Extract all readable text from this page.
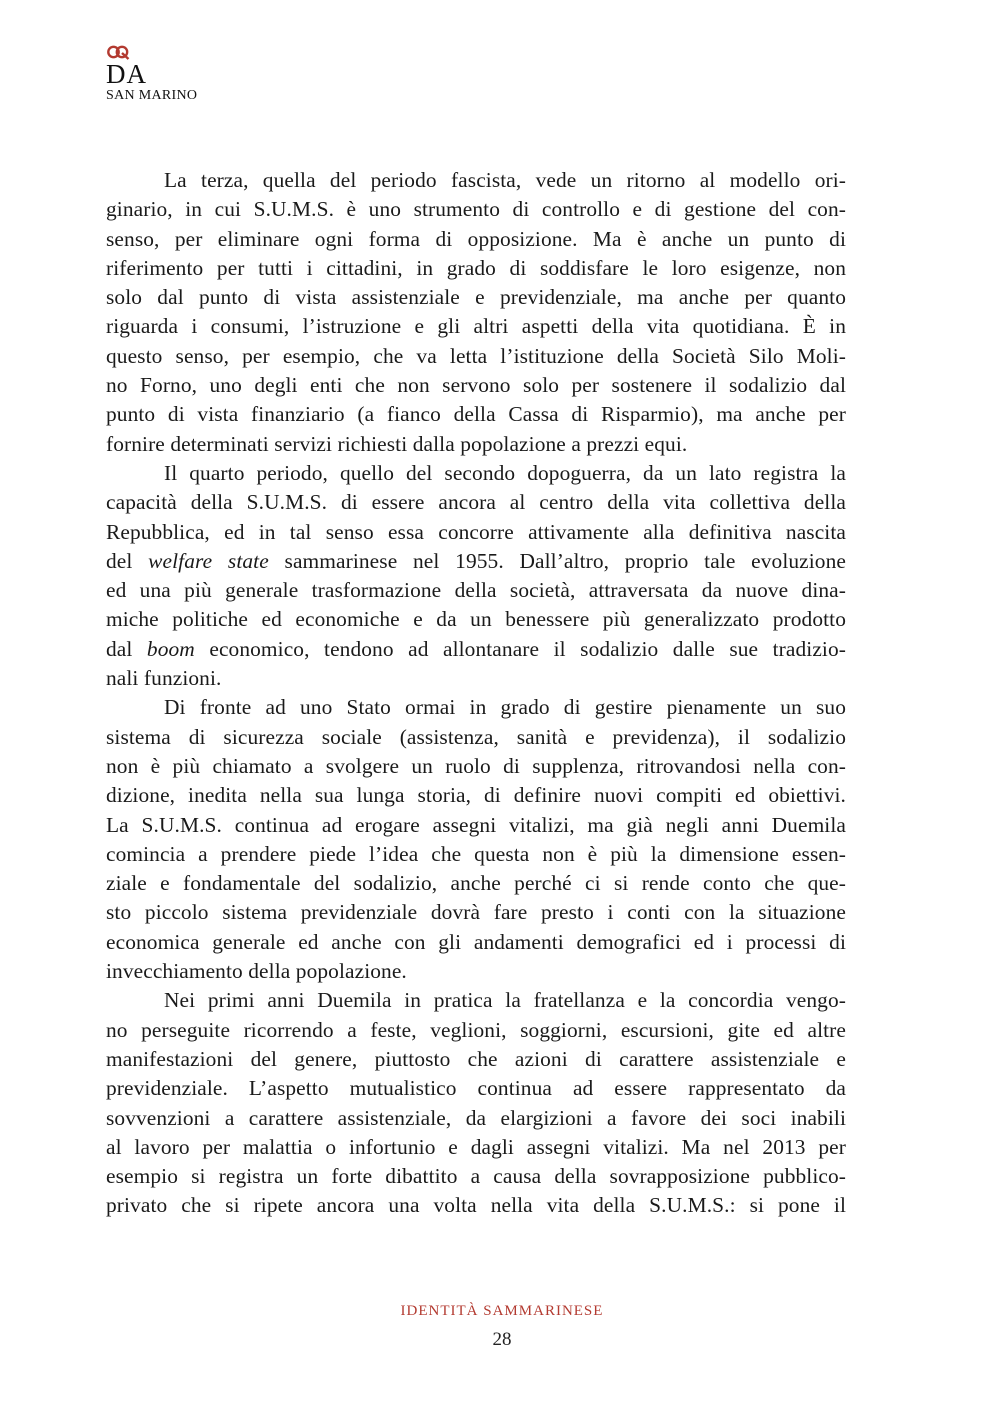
DA
SAN MARINO
La terza, quella del periodo fascista, vede un ritorno al modello ori-
ginario, in cui S.U.M.S. è uno strumento di controllo e di gestione del con-
senso, per eliminare ogni forma di opposizione. Ma è anche un punto di
riferimento per tutti i cittadini, in grado di soddisfare le loro esigenze, non
solo dal punto di vista assistenziale e previdenziale, ma anche per quanto
riguarda i consumi, l’istruzione e gli altri aspetti della vita quotidiana. È in
questo senso, per esempio, che va letta l’istituzione della Società Silo Moli-
no Forno, uno degli enti che non servono solo per sostenere il sodalizio dal
punto di vista finanziario (a fianco della Cassa di Risparmio), ma anche per
fornire determinati servizi richiesti dalla popolazione a prezzi equi.
Il quarto periodo, quello del secondo dopoguerra, da un lato registra la
capacità della S.U.M.S. di essere ancora al centro della vita collettiva della
Repubblica, ed in tal senso essa concorre attivamente alla definitiva nascita
del welfare state sammarinese nel 1955. Dall’altro, proprio tale evoluzione
ed una più generale trasformazione della società, attraversata da nuove dina-
miche politiche ed economiche e da un benessere più generalizzato prodotto
dal boom economico, tendono ad allontanare il sodalizio dalle sue tradizio-
nali funzioni.
Di fronte ad uno Stato ormai in grado di gestire pienamente un suo
sistema di sicurezza sociale (assistenza, sanità e previdenza), il sodalizio
non è più chiamato a svolgere un ruolo di supplenza, ritrovandosi nella con-
dizione, inedita nella sua lunga storia, di definire nuovi compiti ed obiettivi.
La S.U.M.S. continua ad erogare assegni vitalizi, ma già negli anni Duemila
comincia a prendere piede l’idea che questa non è più la dimensione essen-
ziale e fondamentale del sodalizio, anche perché ci si rende conto che que-
sto piccolo sistema previdenziale dovrà fare presto i conti con la situazione
economica generale ed anche con gli andamenti demografici ed i processi di
invecchiamento della popolazione.
Nei primi anni Duemila in pratica la fratellanza e la concordia vengo-
no perseguite ricorrendo a feste, veglioni, soggiorni, escursioni, gite ed altre
manifestazioni del genere, piuttosto che azioni di carattere assistenziale e
previdenziale. L’aspetto mutualistico continua ad essere rappresentato da
sovvenzioni a carattere assistenziale, da elargizioni a favore dei soci inabili
al lavoro per malattia o infortunio e dagli assegni vitalizi. Ma nel 2013 per
esempio si registra un forte dibattito a causa della sovrapposizione pubblico-
privato che si ripete ancora una volta nella vita della S.U.M.S.: si pone il
IDENTITÀ SAMMARINESE
28
